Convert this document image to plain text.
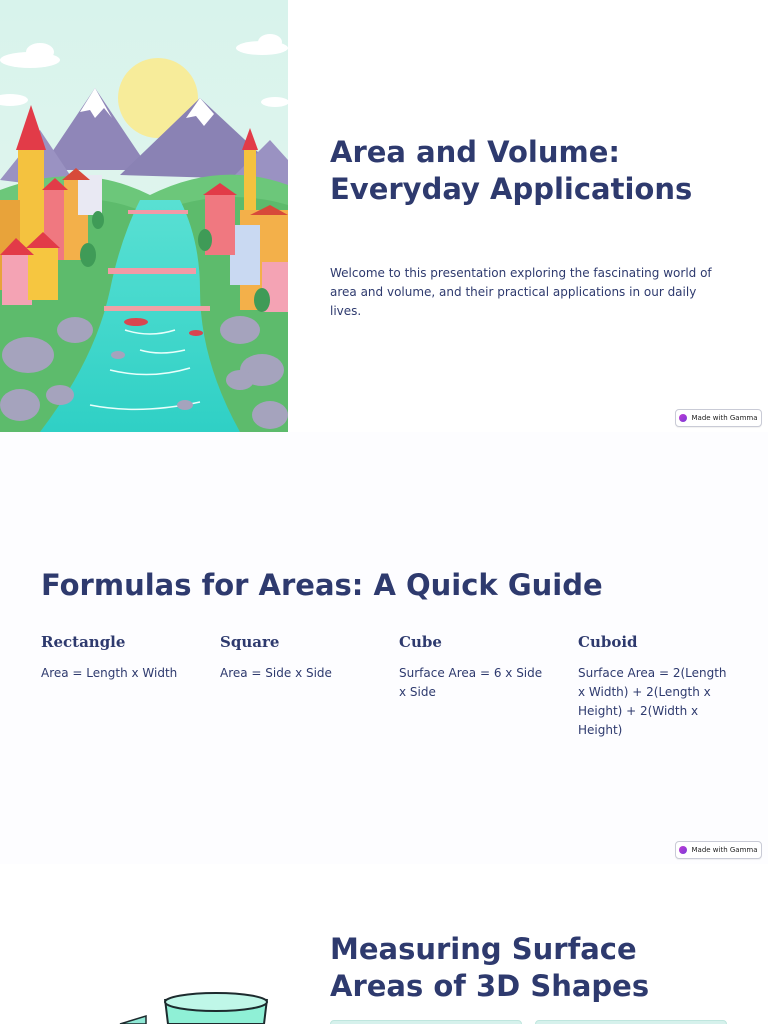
Area and Volume:
Everyday Applications

Welcome to this presentation exploring the fascinating world of area and volume, and their practical applications in our daily lives.

Made with Gamma
Formulas for Areas: A Quick Guide
Rectangle

Area = Length x Width

Square

Area = Side x Side

Cube

Surface Area = 6 x Side x Side

Cuboid

Surface Area = 2(Length x Width) + 2(Length x Height) + 2(Width x Height)

Made with Gamma
Measuring Surface
Areas of 3D Shapes
